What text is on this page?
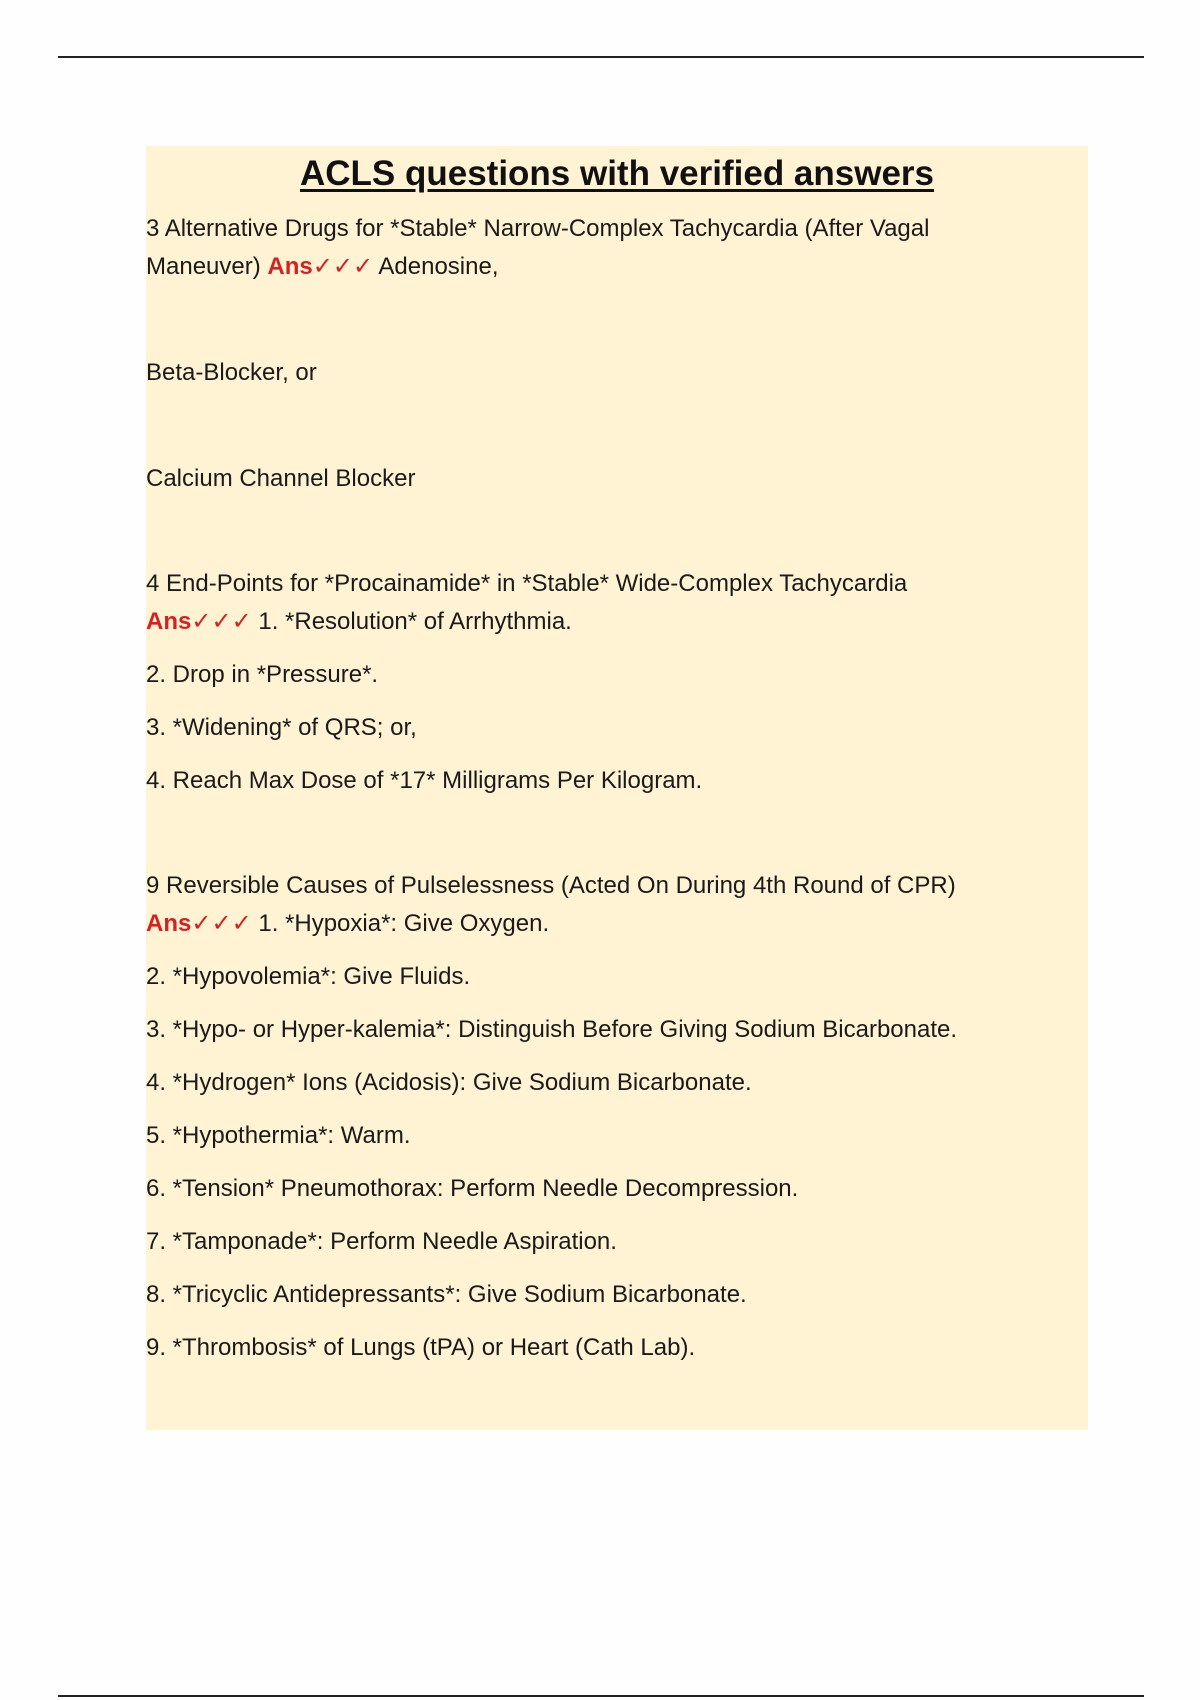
ACLS questions with verified answers

3 Alternative Drugs for *Stable* Narrow-Complex Tachycardia (After Vagal

Maneuver) Ans✓✓✓ Adenosine,

Beta-Blocker, or

Calcium Channel Blocker

4 End-Points for *Procainamide* in *Stable* Wide-Complex Tachycardia

Ans✓✓✓ 1. *Resolution* of Arrhythmia.

2. Drop in *Pressure*.

3. *Widening* of QRS; or,

4. Reach Max Dose of *17* Milligrams Per Kilogram.

9 Reversible Causes of Pulselessness (Acted On During 4th Round of CPR)

Ans✓✓✓ 1. *Hypoxia*: Give Oxygen.

2. *Hypovolemia*: Give Fluids.

3. *Hypo- or Hyper-kalemia*: Distinguish Before Giving Sodium Bicarbonate.

4. *Hydrogen* Ions (Acidosis): Give Sodium Bicarbonate.

5. *Hypothermia*: Warm.

6. *Tension* Pneumothorax: Perform Needle Decompression.

7. *Tamponade*: Perform Needle Aspiration.

8. *Tricyclic Antidepressants*: Give Sodium Bicarbonate.

9. *Thrombosis* of Lungs (tPA) or Heart (Cath Lab).
